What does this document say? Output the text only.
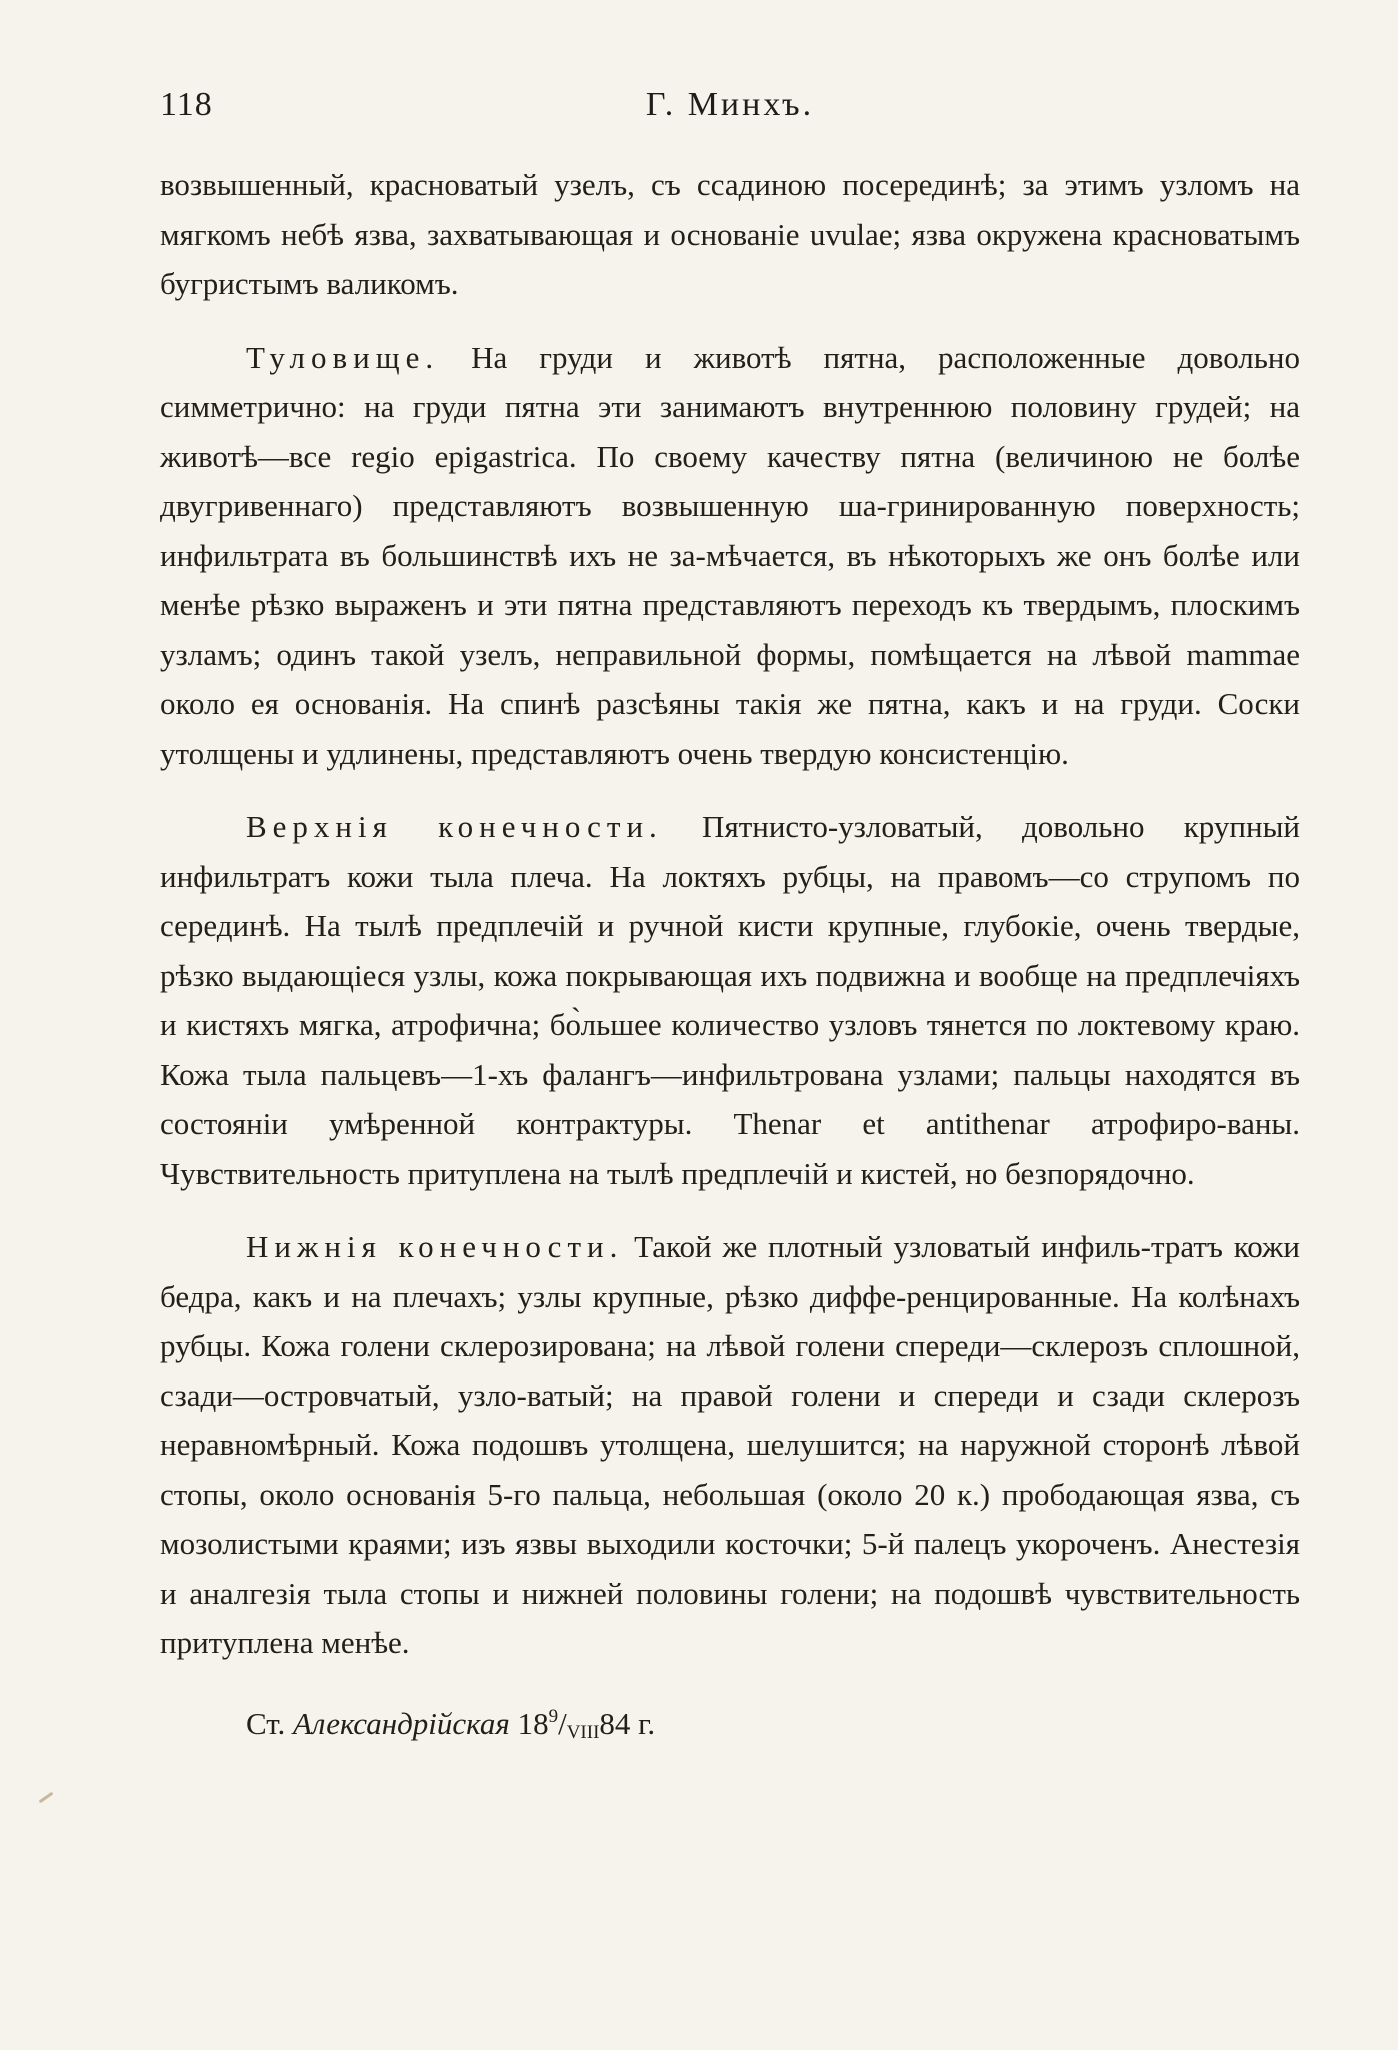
118	Г. Минхъ.

возвышенный, красноватый узелъ, съ ссадиною посерединѣ; за этимъ узломъ на мягкомъ небѣ язва, захватывающая и основаніе uvulae; язва окружена красноватымъ бугристымъ валикомъ.

Туловище. На груди и животѣ пятна, расположенные довольно симметрично: на груди пятна эти занимаютъ внутреннюю половину грудей; на животѣ—все regio epigastrica. По своему качеству пятна (величиною не болѣе двугривеннаго) представляютъ возвышенную ша-гринированную поверхность; инфильтрата въ большинствѣ ихъ не за-мѣчается, въ нѣкоторыхъ же онъ болѣе или менѣе рѣзко выраженъ и эти пятна представляютъ переходъ къ твердымъ, плоскимъ узламъ; одинъ такой узелъ, неправильной формы, помѣщается на лѣвой mammae около ея основанія. На спинѣ разсѣяны такія же пятна, какъ и на груди. Соски утолщены и удлинены, представляютъ очень твердую консистенцію.

Верхнія конечности. Пятнисто-узловатый, довольно крупный инфильтратъ кожи тыла плеча. На локтяхъ рубцы, на правомъ—со струпомъ по серединѣ. На тылѣ предплечій и ручной кисти крупные, глубокіе, очень твердые, рѣзко выдающіеся узлы, кожа покрывающая ихъ подвижна и вообще на предплечіяхъ и кистяхъ мягка, атрофична; бо̀льшее количество узловъ тянется по локтевому краю. Кожа тыла пальцевъ—1-хъ фалангъ—инфильтрована узлами; пальцы находятся въ состояніи умѣренной контрактуры. Thenar et antithenar атрофиро-ваны. Чувствительность притуплена на тылѣ предплечій и кистей, но безпорядочно.

Нижнія конечности. Такой же плотный узловатый инфиль-тратъ кожи бедра, какъ и на плечахъ; узлы крупные, рѣзко диффе-ренцированные. На колѣнахъ рубцы. Кожа голени склерозирована; на лѣвой голени спереди—склерозъ сплошной, сзади—островчатый, узло-ватый; на правой голени и спереди и сзади склерозъ неравномѣрный. Кожа подошвъ утолщена, шелушится; на наружной сторонѣ лѣвой стопы, около основанія 5-го пальца, небольшая (около 20 к.) прободающая язва, съ мозолистыми краями; изъ язвы выходили косточки; 5-й палецъ укороченъ. Анестезія и аналгезія тыла стопы и нижней половины голени; на подошвѣ чувствительность притуплена менѣе.

Ст. Александрійская $18^9/_{VIII}84$ г.
